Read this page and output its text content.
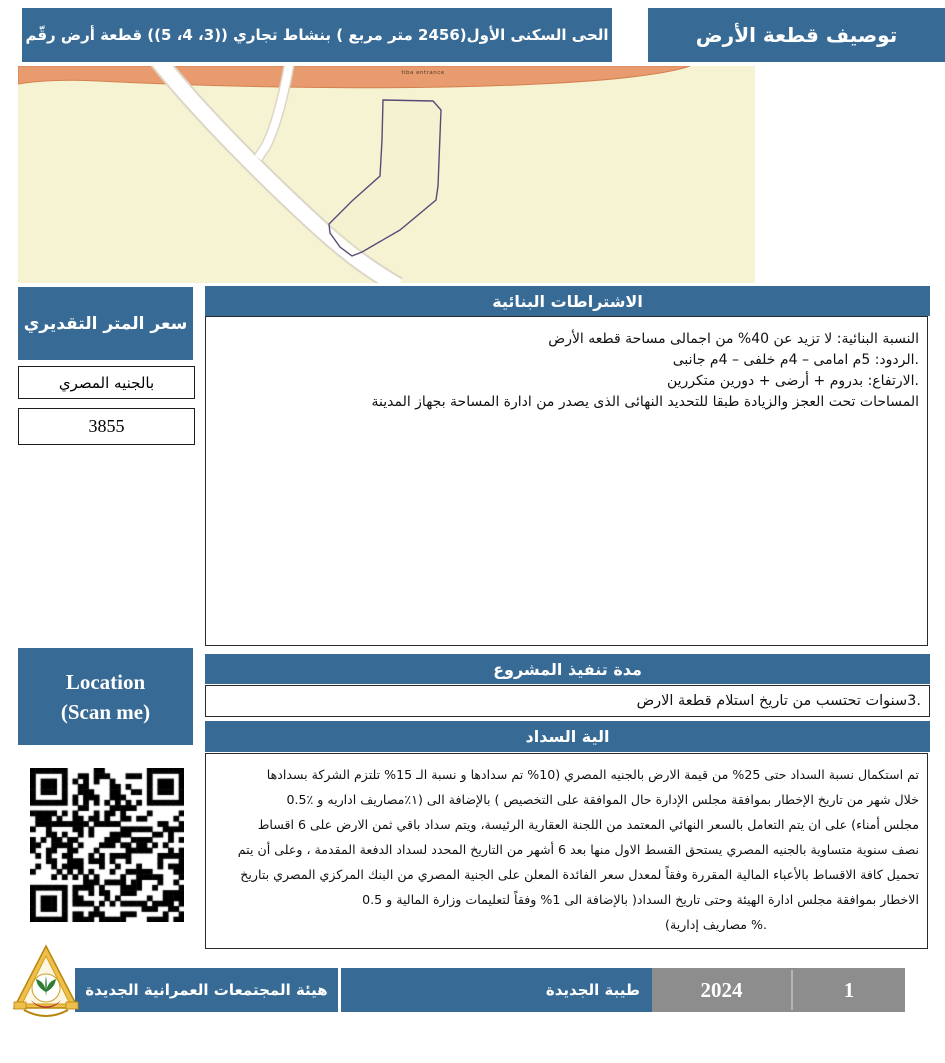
الحى السكنى الأول(2456 متر مربع ) بنشاط تجاري ((3، 4، 5)) قطعة أرض رقّم	توصيف قطعة الأرض
tiba entrance
سعر المتر التقديري
بالجنيه المصري
3855
الاشتراطات البنائية
النسبة البنائية: لا تزيد عن 40% من اجمالى مساحة قطعه الأرض
.الردود: 5م امامى – 4م خلفى – 4م جانبى
.الارتفاع: بدروم + أرضى + دورين متكررين
المساحات تحت العجز والزيادة طبقا للتحديد النهائى الذى يصدر من ادارة المساحة بجهاز المدينة
مدة تنفيذ المشروع
.3سنوات تحتسب من تاريخ استلام قطعة الارض
الية السداد
تم استكمال نسبة السداد حتى 25% من قيمة الارض بالجنيه المصري (10% تم سدادها و نسبة الـ 15% تلتزم الشركة بسدادها
خلال شهر من تاريخ الإخطار بموافقة مجلس الإدارة حال الموافقة على التخصيص ) بالإضافة الى (١٪مصاريف اداريه و ٪0.5
مجلس أمناء) على ان يتم التعامل بالسعر النهائي المعتمد من اللجنة العقارية الرئيسة، ويتم سداد باقي ثمن الارض على 6 اقساط
نصف سنوية متساوية بالجنيه المصري يستحق القسط الاول منها بعد 6 أشهر من التاريخ المحدد لسداد الدفعة المقدمة ، وعلى أن يتم
تحميل كافة الاقساط بالأعباء المالية المقررة وفقاً لمعدل سعر الفائدة المعلن على الجنية المصري من البنك المركزي المصري بتاريخ
الاخطار بموافقة مجلس ادارة الهيئة وحتى تاريخ السداد( بالإضافة الى 1% وفقاً لتعليمات وزارة المالية و 0.5
.% مصاريف إدارية)
Location
(Scan me)
هيئة المجتمعات العمرانية الجديدة	طيبة الجديدة	2024	1
